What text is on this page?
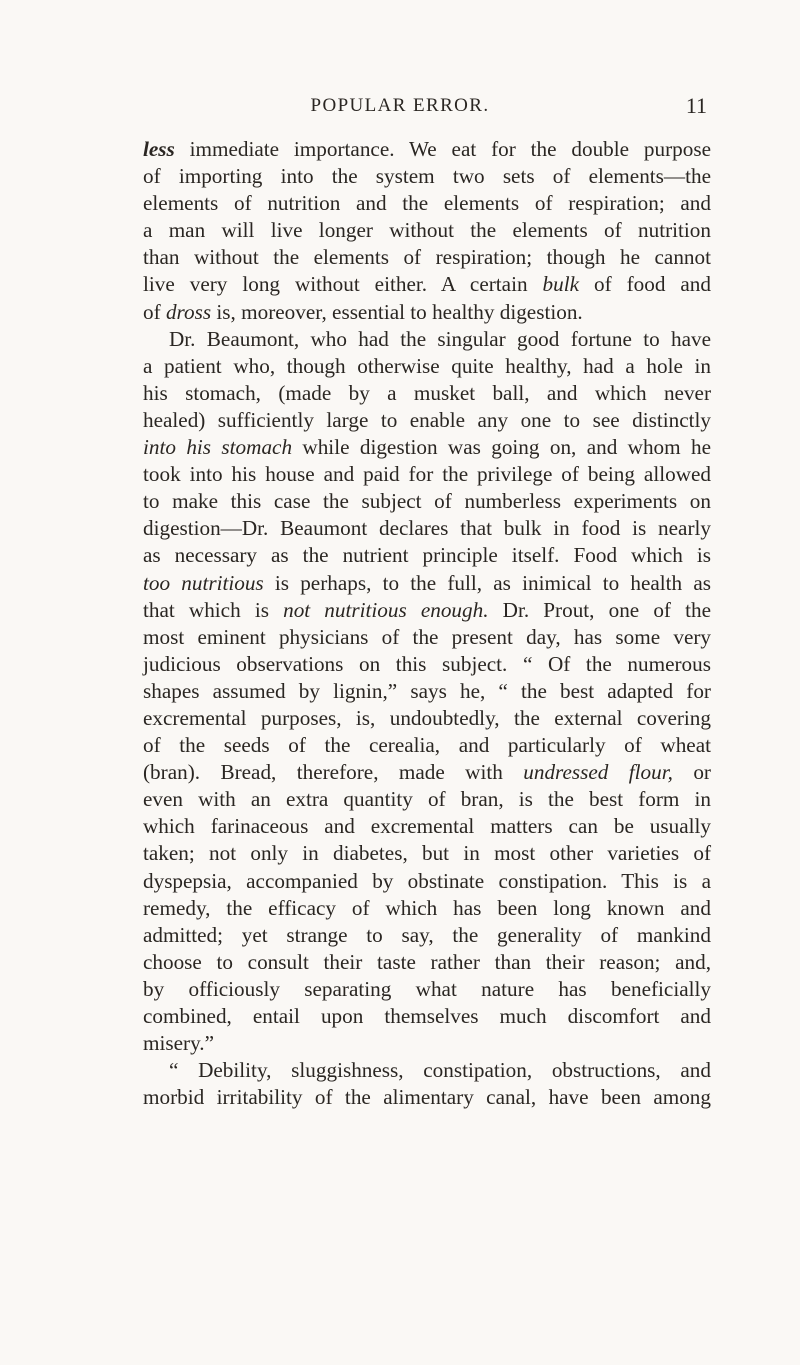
POPULAR ERROR.	11
less immediate importance. We eat for the double purpose
of importing into the system two sets of elements—the
elements of nutrition and the elements of respiration; and
a man will live longer without the elements of nutrition
than without the elements of respiration; though he cannot
live very long without either. A certain bulk of food and
of dross is, moreover, essential to healthy digestion.
Dr. Beaumont, who had the singular good fortune to have
a patient who, though otherwise quite healthy, had a hole in
his stomach, (made by a musket ball, and which never
healed) sufficiently large to enable any one to see distinctly
into his stomach while digestion was going on, and whom he
took into his house and paid for the privilege of being allowed
to make this case the subject of numberless experiments on
digestion—Dr. Beaumont declares that bulk in food is nearly
as necessary as the nutrient principle itself. Food which is
too nutritious is perhaps, to the full, as inimical to health as
that which is not nutritious enough. Dr. Prout, one of the
most eminent physicians of the present day, has some very
judicious observations on this subject. “ Of the numerous
shapes assumed by lignin,” says he, “ the best adapted for
excremental purposes, is, undoubtedly, the external covering
of the seeds of the cerealia, and particularly of wheat
(bran). Bread, therefore, made with undressed flour, or
even with an extra quantity of bran, is the best form in
which farinaceous and excremental matters can be usually
taken; not only in diabetes, but in most other varieties of
dyspepsia, accompanied by obstinate constipation. This is a
remedy, the efficacy of which has been long known and
admitted; yet strange to say, the generality of mankind
choose to consult their taste rather than their reason; and,
by officiously separating what nature has beneficially
combined, entail upon themselves much discomfort and
misery.”
“ Debility, sluggishness, constipation, obstructions, and
morbid irritability of the alimentary canal, have been among
